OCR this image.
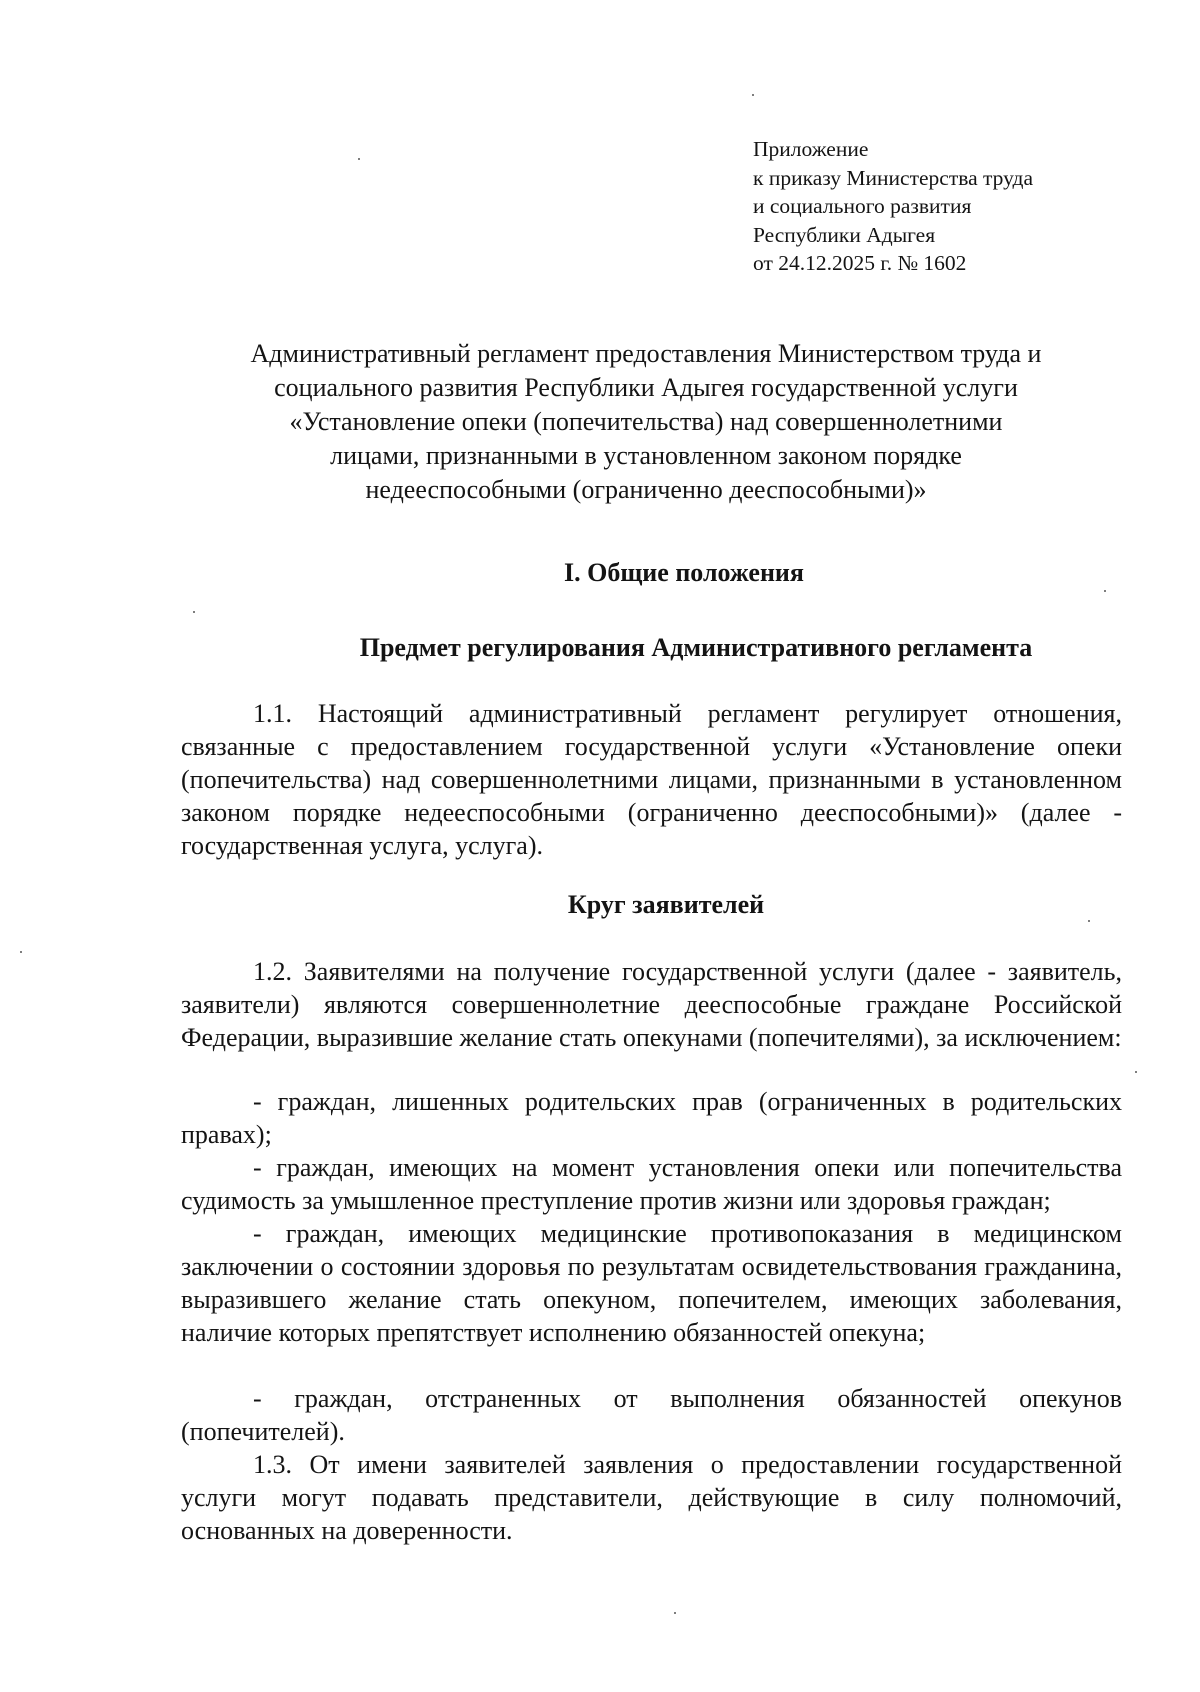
Приложение
к приказу Министерства труда
и социального развития
Республики Адыгея
от 24.12.2025 г. № 1602
Административный регламент предоставления Министерством труда и
социального развития Республики Адыгея государственной услуги
«Установление опеки (попечительства) над совершеннолетними
лицами, признанными в установленном законом порядке
недееспособными (ограниченно дееспособными)»
I. Общие положения
Предмет регулирования Административного регламента
1.1. Настоящий административный регламент регулирует отношения, связанные с предоставлением государственной услуги «Установление опеки (попечительства) над совершеннолетними лицами, признанными в установленном законом порядке недееспособными (ограниченно дееспособными)» (далее - государственная услуга, услуга).
Круг заявителей
1.2. Заявителями на получение государственной услуги (далее - заявитель, заявители) являются совершеннолетние дееспособные граждане Российской Федерации, выразившие желание стать опекунами (попечителями), за исключением:
- граждан, лишенных родительских прав (ограниченных в родительских правах);
- граждан, имеющих на момент установления опеки или попечительства судимость за умышленное преступление против жизни или здоровья граждан;
- граждан, имеющих медицинские противопоказания в медицинском заключении о состоянии здоровья по результатам освидетельствования гражданина, выразившего желание стать опекуном, попечителем, имеющих заболевания, наличие которых препятствует исполнению обязанностей опекуна;
- граждан, отстраненных от выполнения обязанностей опекунов (попечителей).
1.3. От имени заявителей заявления о предоставлении государственной услуги могут подавать представители, действующие в силу полномочий, основанных на доверенности.
